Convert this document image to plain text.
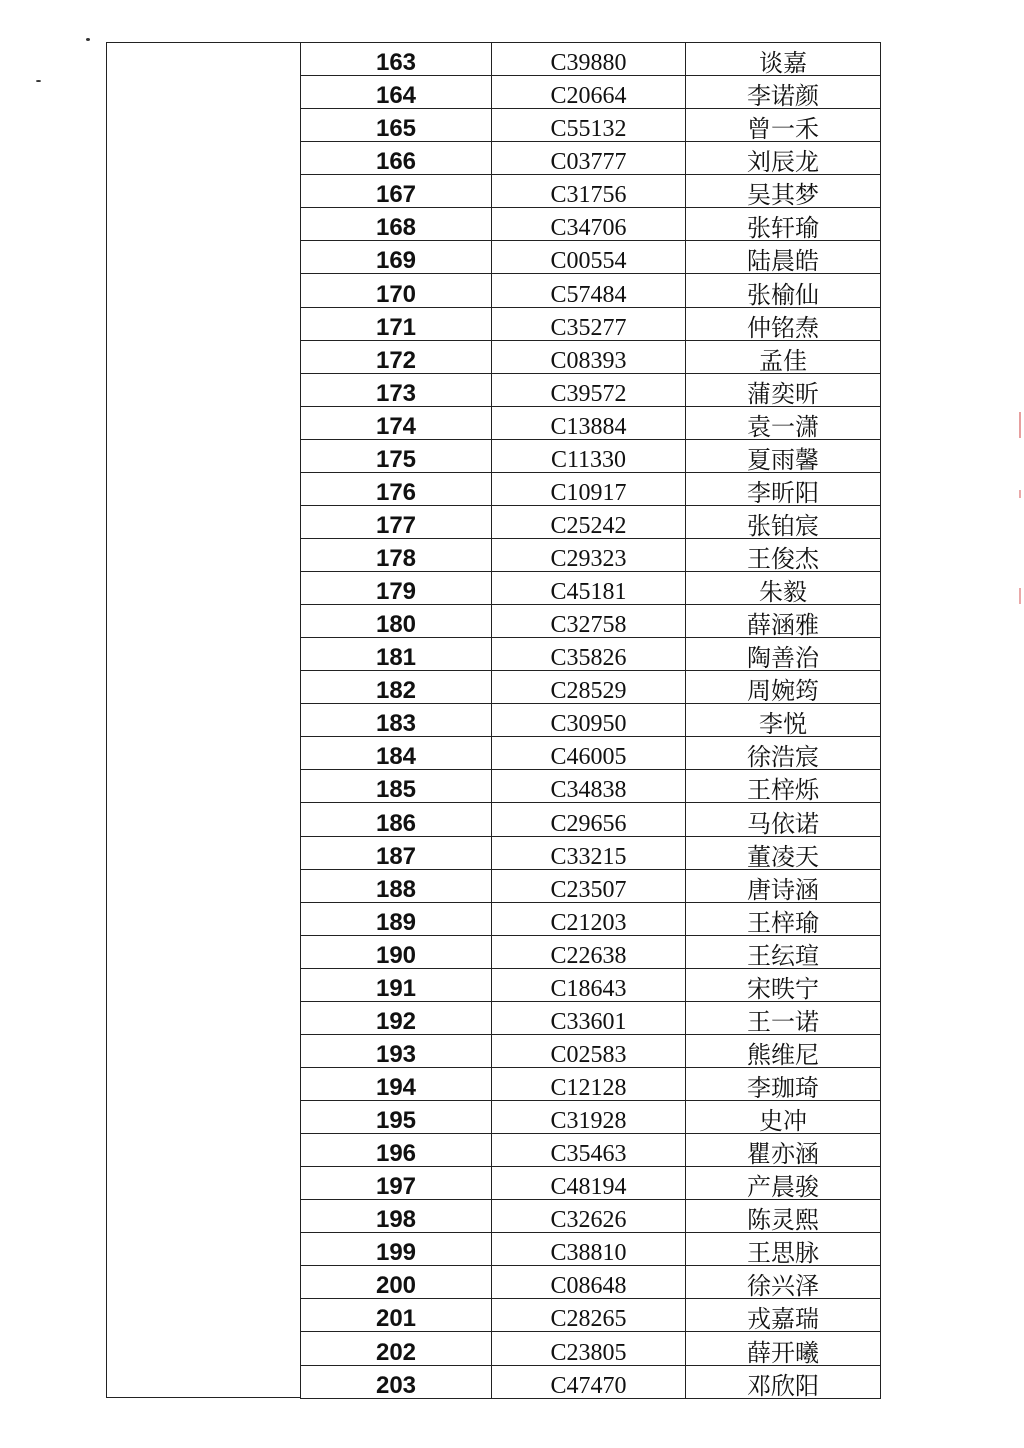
163	C39880	谈嘉
164	C20664	李诺颜
165	C55132	曾一禾
166	C03777	刘辰龙
167	C31756	吴其梦
168	C34706	张轩瑜
169	C00554	陆晨皓
170	C57484	张榆仙
171	C35277	仲铭焘
172	C08393	孟佳
173	C39572	蒲奕昕
174	C13884	袁一潇
175	C11330	夏雨馨
176	C10917	李昕阳
177	C25242	张铂宸
178	C29323	王俊杰
179	C45181	朱毅
180	C32758	薛涵雅
181	C35826	陶善治
182	C28529	周婉筠
183	C30950	李悦
184	C46005	徐浩宸
185	C34838	王梓烁
186	C29656	马依诺
187	C33215	董凌天
188	C23507	唐诗涵
189	C21203	王梓瑜
190	C22638	王纭瑄
191	C18643	宋昳宁
192	C33601	王一诺
193	C02583	熊维尼
194	C12128	李珈琦
195	C31928	史冲
196	C35463	瞿亦涵
197	C48194	产晨骏
198	C32626	陈灵熙
199	C38810	王思脉
200	C08648	徐兴泽
201	C28265	戎嘉瑞
202	C23805	薛开曦
203	C47470	邓欣阳
